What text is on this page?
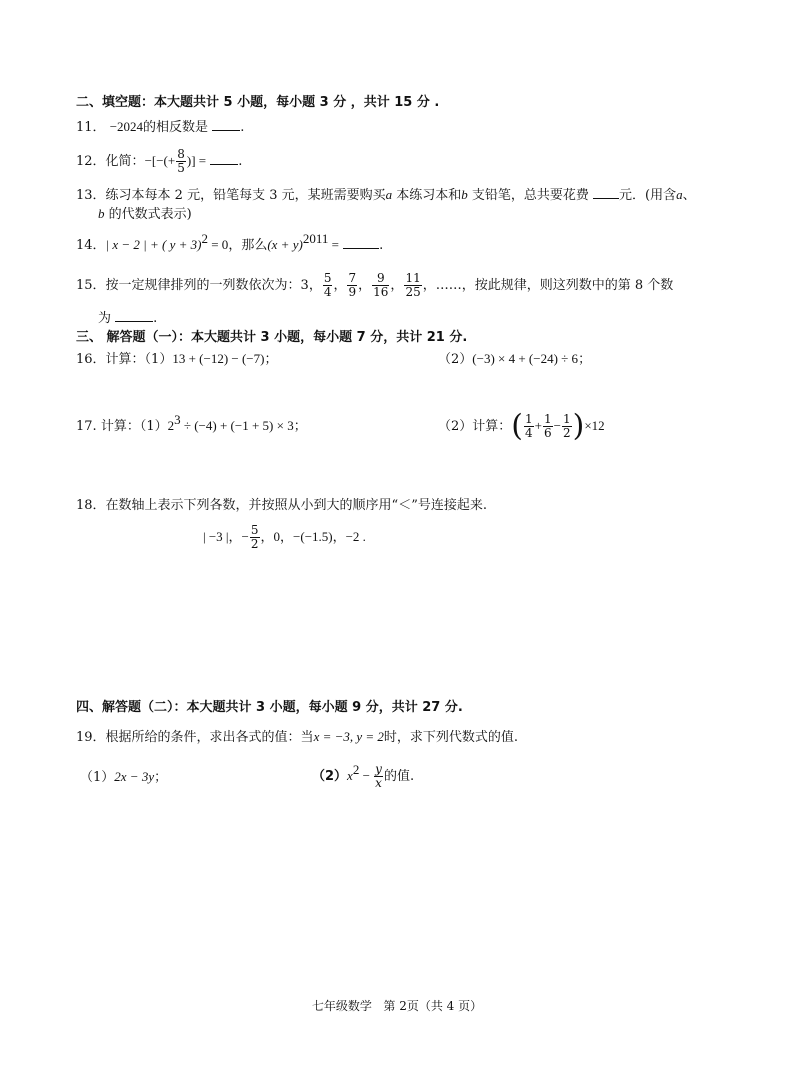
二、填空题：本大题共计 5 小题，每小题 3 分 ，共计 15 分 .
11． −2024的相反数是 .
12．化简：−[−(+ $\frac{8}{5}$ )] = .
13．练习本每本 2 元，铅笔每支 3 元，某班需要购买a 本练习本和b 支铅笔，总共要花费 元．(用含a、
b 的代数式表示)
14．| x − 2 | + ( y + 3)$^2$ = 0，那么$(x + y)^{2011}$ =	.
15．按一定规律排列的一列数依次为：3， $\frac{5}{4}$ ， $\frac{7}{9}$ ， $\frac{9}{16}$ ， $\frac{11}{25}$ ，……，按此规律，则这列数中的第 8 个数
为	.
三、 解答题（一）：本大题共计 3 小题，每小题 7 分，共计 21 分.
16．计算：（1）13 + (−12) − (−7)；	（2）(−3) × 4 + (−24) ÷ 6；
17. 计算：$(1)2^3 \div (-4) + (-1 + 5) \times 3$；	（2）计算：( $\frac{1}{4} + \frac{1}{6} - \frac{1}{2} )\times 12$
18．在数轴上表示下列各数，并按照从小到大的顺序用“＜”号连接起来.
| −3 |，− $\frac{5}{2}$ ，0，−(−1.5)，−2 .
四、解答题（二）：本大题共计 3 小题，每小题 9 分，共计 27 分.
19．根据所给的条件，求出各式的值：当x = −3, y = 2时，求下列代数式的值.
（1）2x − 3y；	$(2)x^2 - \frac{y}{x}$ 的值.
七年级数学 第 2页（共 4 页）
